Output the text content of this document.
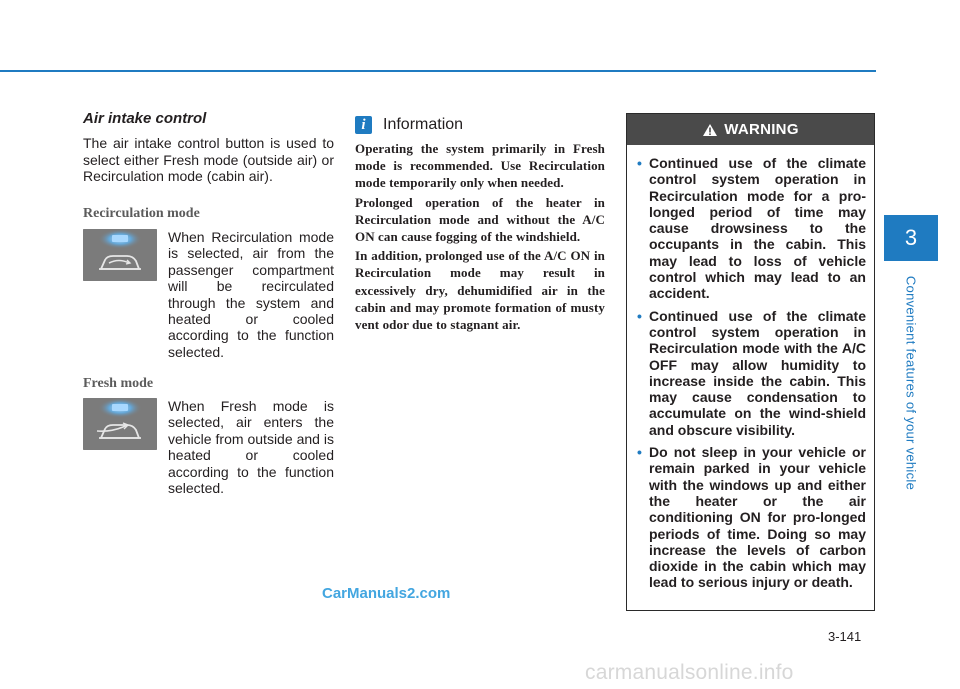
Air intake control

The air intake control button is used to select either Fresh mode (outside air) or Recirculation mode (cabin air).

Recirculation mode

When Recirculation mode is selected, air from the passenger compartment will be recirculated through the system and heated or cooled according to the function selected.

Fresh mode

When Fresh mode is selected, air enters the vehicle from outside and is heated or cooled according to the function selected.

i	Information

Operating the system primarily in Fresh mode is recommended. Use Recirculation mode temporarily only when needed.

Prolonged operation of the heater in Recirculation mode and without the A/C ON can cause fogging of the windshield.

In addition, prolonged use of the A/C ON in Recirculation mode may result in excessively dry, dehumidified air in the cabin and may promote formation of musty vent odor due to stagnant air.

WARNING
• Continued use of the climate control system operation in Recirculation mode for a pro-longed period of time may cause drowsiness to the occupants in the cabin. This may lead to loss of vehicle control which may lead to an accident.
• Continued use of the climate control system operation in Recirculation mode with the A/C OFF may allow humidity to increase inside the cabin. This may cause condensation to accumulate on the wind-shield and obscure visibility.
• Do not sleep in your vehicle or remain parked in your vehicle with the windows up and either the heater or the air conditioning ON for pro-longed periods of time. Doing so may increase the levels of carbon dioxide in the cabin which may lead to serious injury or death.
3
Convenient features of your vehicle
3-141
CarManuals2.com
carmanualsonline.info
